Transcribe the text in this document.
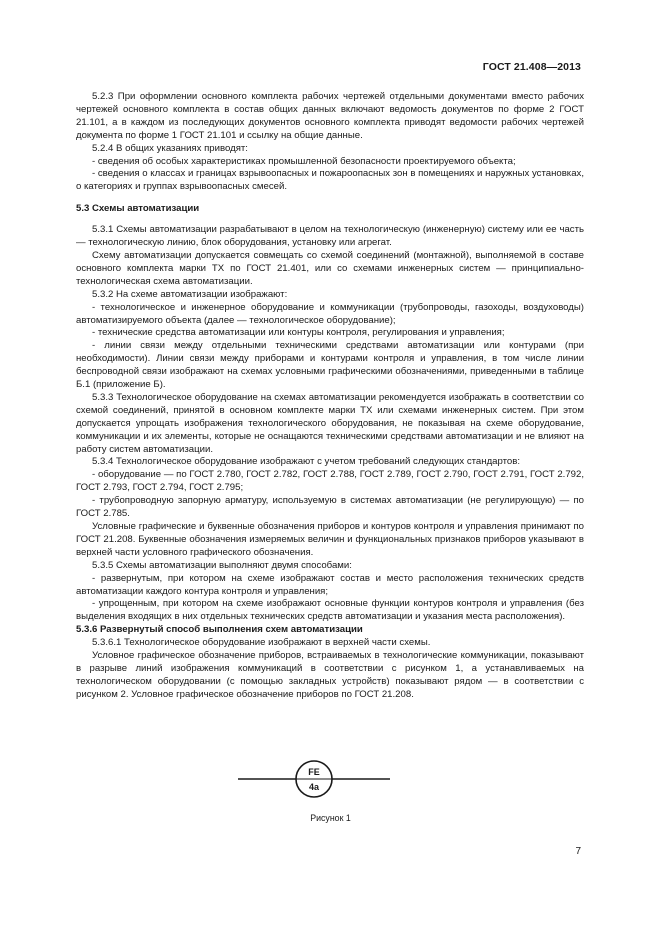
ГОСТ 21.408—2013

5.2.3 При оформлении основного комплекта рабочих чертежей отдельными документами вместо рабочих чертежей основного комплекта в состав общих данных включают ведомость документов по форме 2 ГОСТ 21.101, а в каждом из последующих документов основного комплекта приводят ведомости рабочих чертежей документа по форме 1 ГОСТ 21.101 и ссылку на общие данные.

5.2.4 В общих указаниях приводят:

- сведения об особых характеристиках промышленной безопасности проектируемого объекта;

- сведения о классах и границах взрывоопасных и пожароопасных зон в помещениях и наружных установках, о категориях и группах взрывоопасных смесей.

5.3 Схемы автоматизации

5.3.1 Схемы автоматизации разрабатывают в целом на технологическую (инженерную) систему или ее часть — технологическую линию, блок оборудования, установку или агрегат.

Схему автоматизации допускается совмещать со схемой соединений (монтажной), выполняемой в составе основного комплекта марки ТХ по ГОСТ 21.401, или со схемами инженерных систем — принципиально-технологическая схема автоматизации.

5.3.2 На схеме автоматизации изображают:

- технологическое и инженерное оборудование и коммуникации (трубопроводы, газоходы, воздуховоды) автоматизируемого объекта (далее — технологическое оборудование);

- технические средства автоматизации или контуры контроля, регулирования и управления;

- линии связи между отдельными техническими средствами автоматизации или контурами (при необходимости). Линии связи между приборами и контурами контроля и управления, в том числе линии беспроводной связи изображают на схемах условными графическими обозначениями, приведенными в таблице Б.1 (приложение Б).

5.3.3 Технологическое оборудование на схемах автоматизации рекомендуется изображать в соответствии со схемой соединений, принятой в основном комплекте марки ТХ или схемами инженерных систем. При этом допускается упрощать изображения технологического оборудования, не показывая на схеме оборудование, коммуникации и их элементы, которые не оснащаются техническими средствами автоматизации и не влияют на работу систем автоматизации.

5.3.4 Технологическое оборудование изображают с учетом требований следующих стандартов:

- оборудование — по ГОСТ 2.780, ГОСТ 2.782, ГОСТ 2.788, ГОСТ 2.789, ГОСТ 2.790, ГОСТ 2.791, ГОСТ 2.792, ГОСТ 2.793, ГОСТ 2.794, ГОСТ 2.795;

- трубопроводную запорную арматуру, используемую в системах автоматизации (не регулирующую) — по ГОСТ 2.785.

Условные графические и буквенные обозначения приборов и контуров контроля и управления принимают по ГОСТ 21.208. Буквенные обозначения измеряемых величин и функциональных признаков приборов указывают в верхней части условного графического обозначения.

5.3.5 Схемы автоматизации выполняют двумя способами:

- развернутым, при котором на схеме изображают состав и место расположения технических средств автоматизации каждого контура контроля и управления;

- упрощенным, при котором на схеме изображают основные функции контуров контроля и управления (без выделения входящих в них отдельных технических средств автоматизации и указания места расположения).

5.3.6 Развернутый способ выполнения схем автоматизации

5.3.6.1 Технологическое оборудование изображают в верхней части схемы.

Условное графическое обозначение приборов, встраиваемых в технологические коммуникации, показывают в разрыве линий изображения коммуникаций в соответствии с рисунком 1, а устанавливаемых на технологическом оборудовании (с помощью закладных устройств) показывают рядом — в соответствии с рисунком 2. Условное графическое обозначение приборов по ГОСТ 21.208.

FE
4a
Рисунок 1
7
